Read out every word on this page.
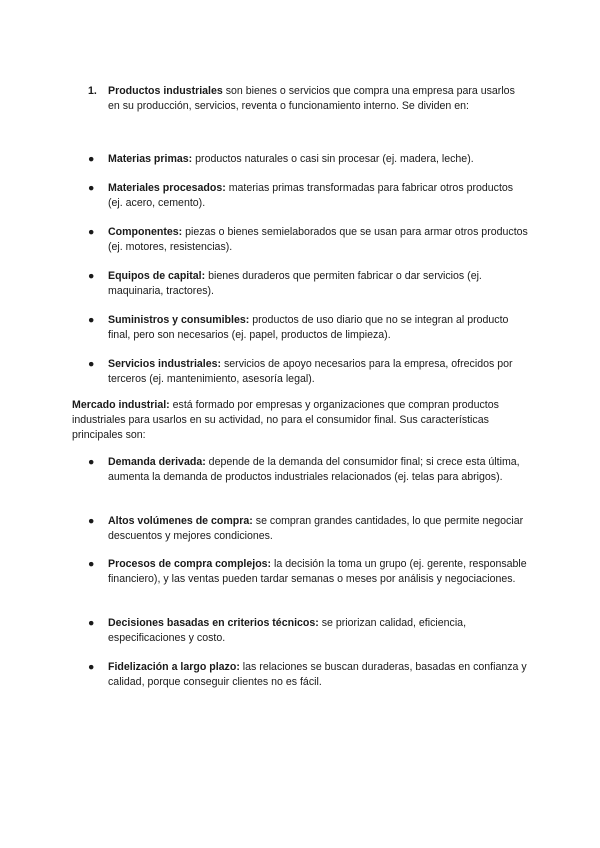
1. Productos industriales son bienes o servicios que compra una empresa para usarlos en su producción, servicios, reventa o funcionamiento interno. Se dividen en:
● Materias primas: productos naturales o casi sin procesar (ej. madera, leche).
● Materiales procesados: materias primas transformadas para fabricar otros productos (ej. acero, cemento).
● Componentes: piezas o bienes semielaborados que se usan para armar otros productos (ej. motores, resistencias).
● Equipos de capital: bienes duraderos que permiten fabricar o dar servicios (ej. maquinaria, tractores).
● Suministros y consumibles: productos de uso diario que no se integran al producto final, pero son necesarios (ej. papel, productos de limpieza).
● Servicios industriales: servicios de apoyo necesarios para la empresa, ofrecidos por terceros (ej. mantenimiento, asesoría legal).
Mercado industrial: está formado por empresas y organizaciones que compran productos industriales para usarlos en su actividad, no para el consumidor final. Sus características principales son:
● Demanda derivada: depende de la demanda del consumidor final; si crece esta última, aumenta la demanda de productos industriales relacionados (ej. telas para abrigos).
● Altos volúmenes de compra: se compran grandes cantidades, lo que permite negociar descuentos y mejores condiciones.
● Procesos de compra complejos: la decisión la toma un grupo (ej. gerente, responsable financiero), y las ventas pueden tardar semanas o meses por análisis y negociaciones.
● Decisiones basadas en criterios técnicos: se priorizan calidad, eficiencia, especificaciones y costo.
● Fidelización a largo plazo: las relaciones se buscan duraderas, basadas en confianza y calidad, porque conseguir clientes no es fácil.
